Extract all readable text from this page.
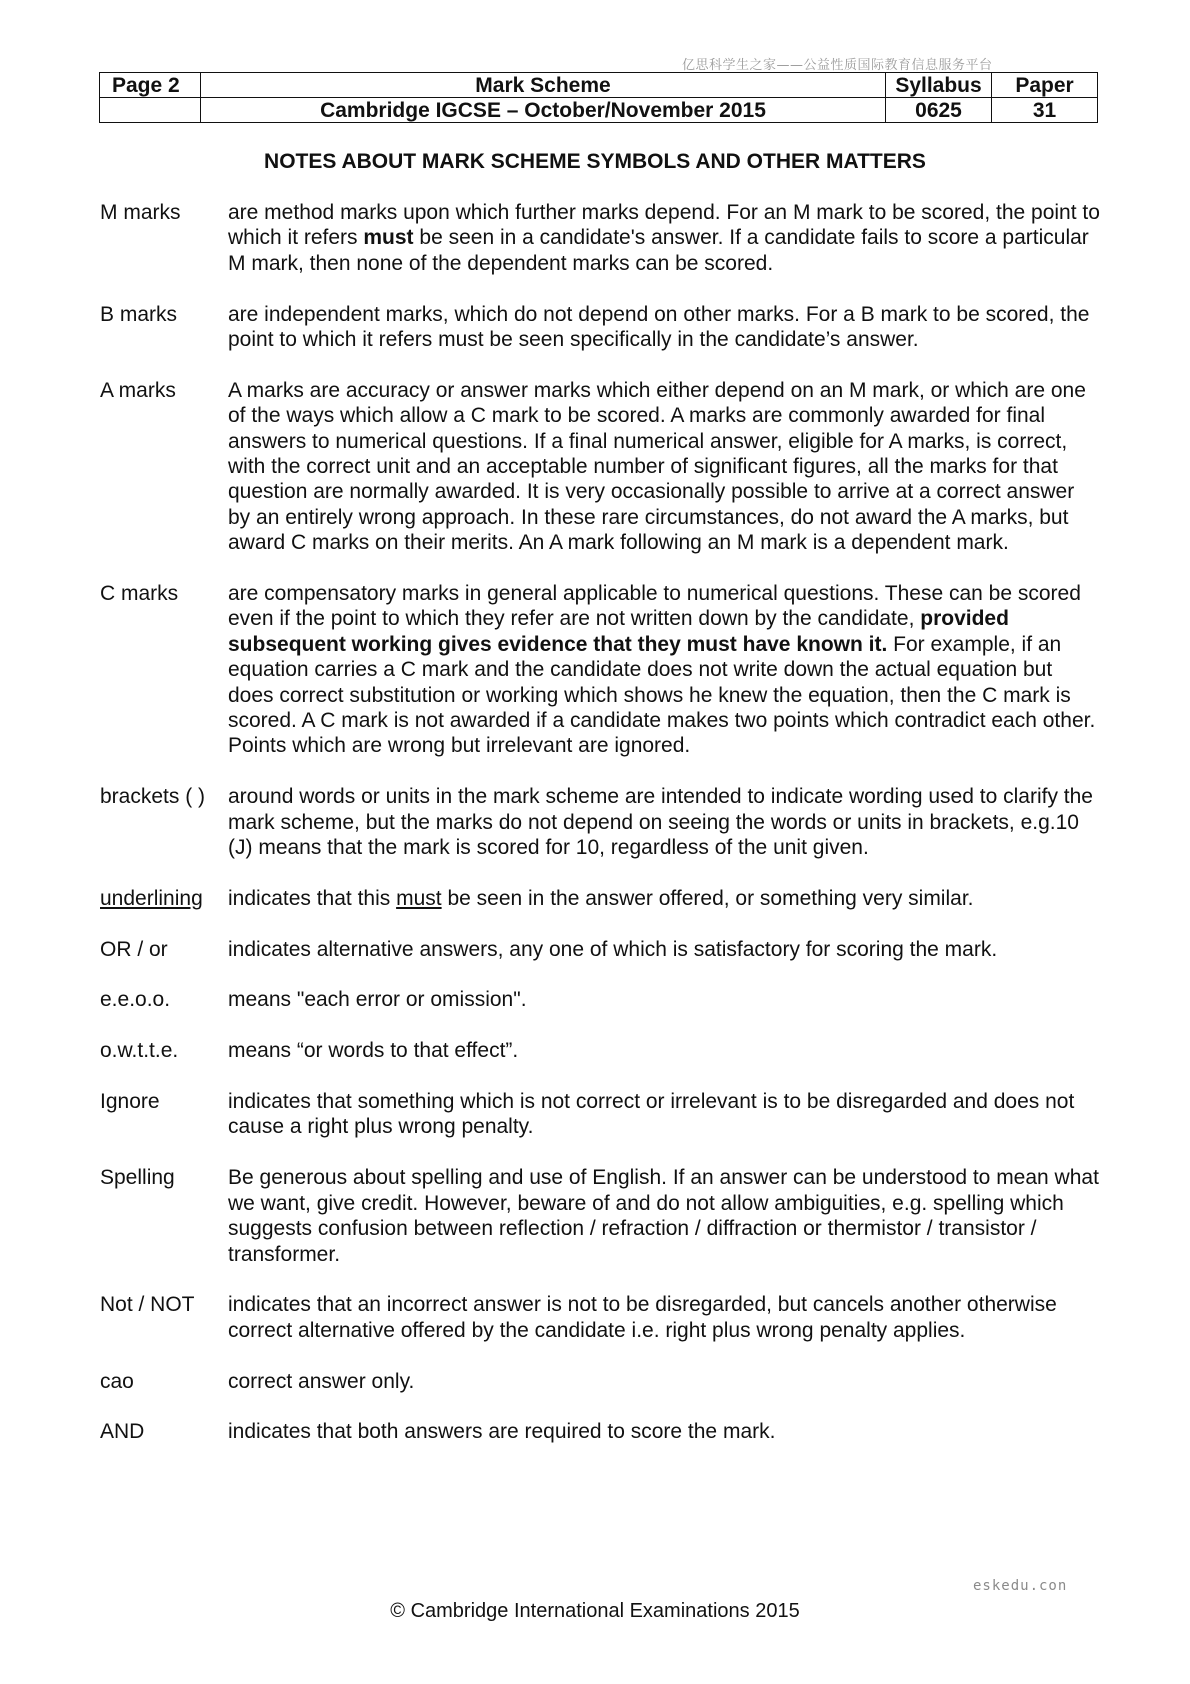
亿思科学生之家——公益性质国际教育信息服务平台
Page 2	Mark Scheme	Syllabus	Paper
	Cambridge IGCSE – October/November 2015	0625	31
NOTES ABOUT MARK SCHEME SYMBOLS AND OTHER MATTERS
M marks	are method marks upon which further marks depend. For an M mark to be scored, the point to which it refers must be seen in a candidate's answer. If a candidate fails to score a particular M mark, then none of the dependent marks can be scored.
B marks	are independent marks, which do not depend on other marks. For a B mark to be scored, the point to which it refers must be seen specifically in the candidate’s answer.
A marks	A marks are accuracy or answer marks which either depend on an M mark, or which are one of the ways which allow a C mark to be scored. A marks are commonly awarded for final answers to numerical questions. If a final numerical answer, eligible for A marks, is correct, with the correct unit and an acceptable number of significant figures, all the marks for that question are normally awarded. It is very occasionally possible to arrive at a correct answer by an entirely wrong approach. In these rare circumstances, do not award the A marks, but award C marks on their merits. An A mark following an M mark is a dependent mark.
C marks	are compensatory marks in general applicable to numerical questions. These can be scored even if the point to which they refer are not written down by the candidate, provided subsequent working gives evidence that they must have known it. For example, if an equation carries a C mark and the candidate does not write down the actual equation but does correct substitution or working which shows he knew the equation, then the C mark is scored. A C mark is not awarded if a candidate makes two points which contradict each other. Points which are wrong but irrelevant are ignored.
brackets ( )	around words or units in the mark scheme are intended to indicate wording used to clarify the mark scheme, but the marks do not depend on seeing the words or units in brackets, e.g.10 (J) means that the mark is scored for 10, regardless of the unit given.
underlining	indicates that this must be seen in the answer offered, or something very similar.
OR / or	indicates alternative answers, any one of which is satisfactory for scoring the mark.
e.e.o.o.	means "each error or omission".
o.w.t.t.e.	means “or words to that effect”.
Ignore	indicates that something which is not correct or irrelevant is to be disregarded and does not cause a right plus wrong penalty.
Spelling	Be generous about spelling and use of English. If an answer can be understood to mean what we want, give credit. However, beware of and do not allow ambiguities, e.g. spelling which suggests confusion between reflection / refraction / diffraction or thermistor / transistor / transformer.
Not / NOT	indicates that an incorrect answer is not to be disregarded, but cancels another otherwise correct alternative offered by the candidate i.e. right plus wrong penalty applies.
cao	correct answer only.
AND	indicates that both answers are required to score the mark.
eskedu.con
© Cambridge International Examinations 2015
